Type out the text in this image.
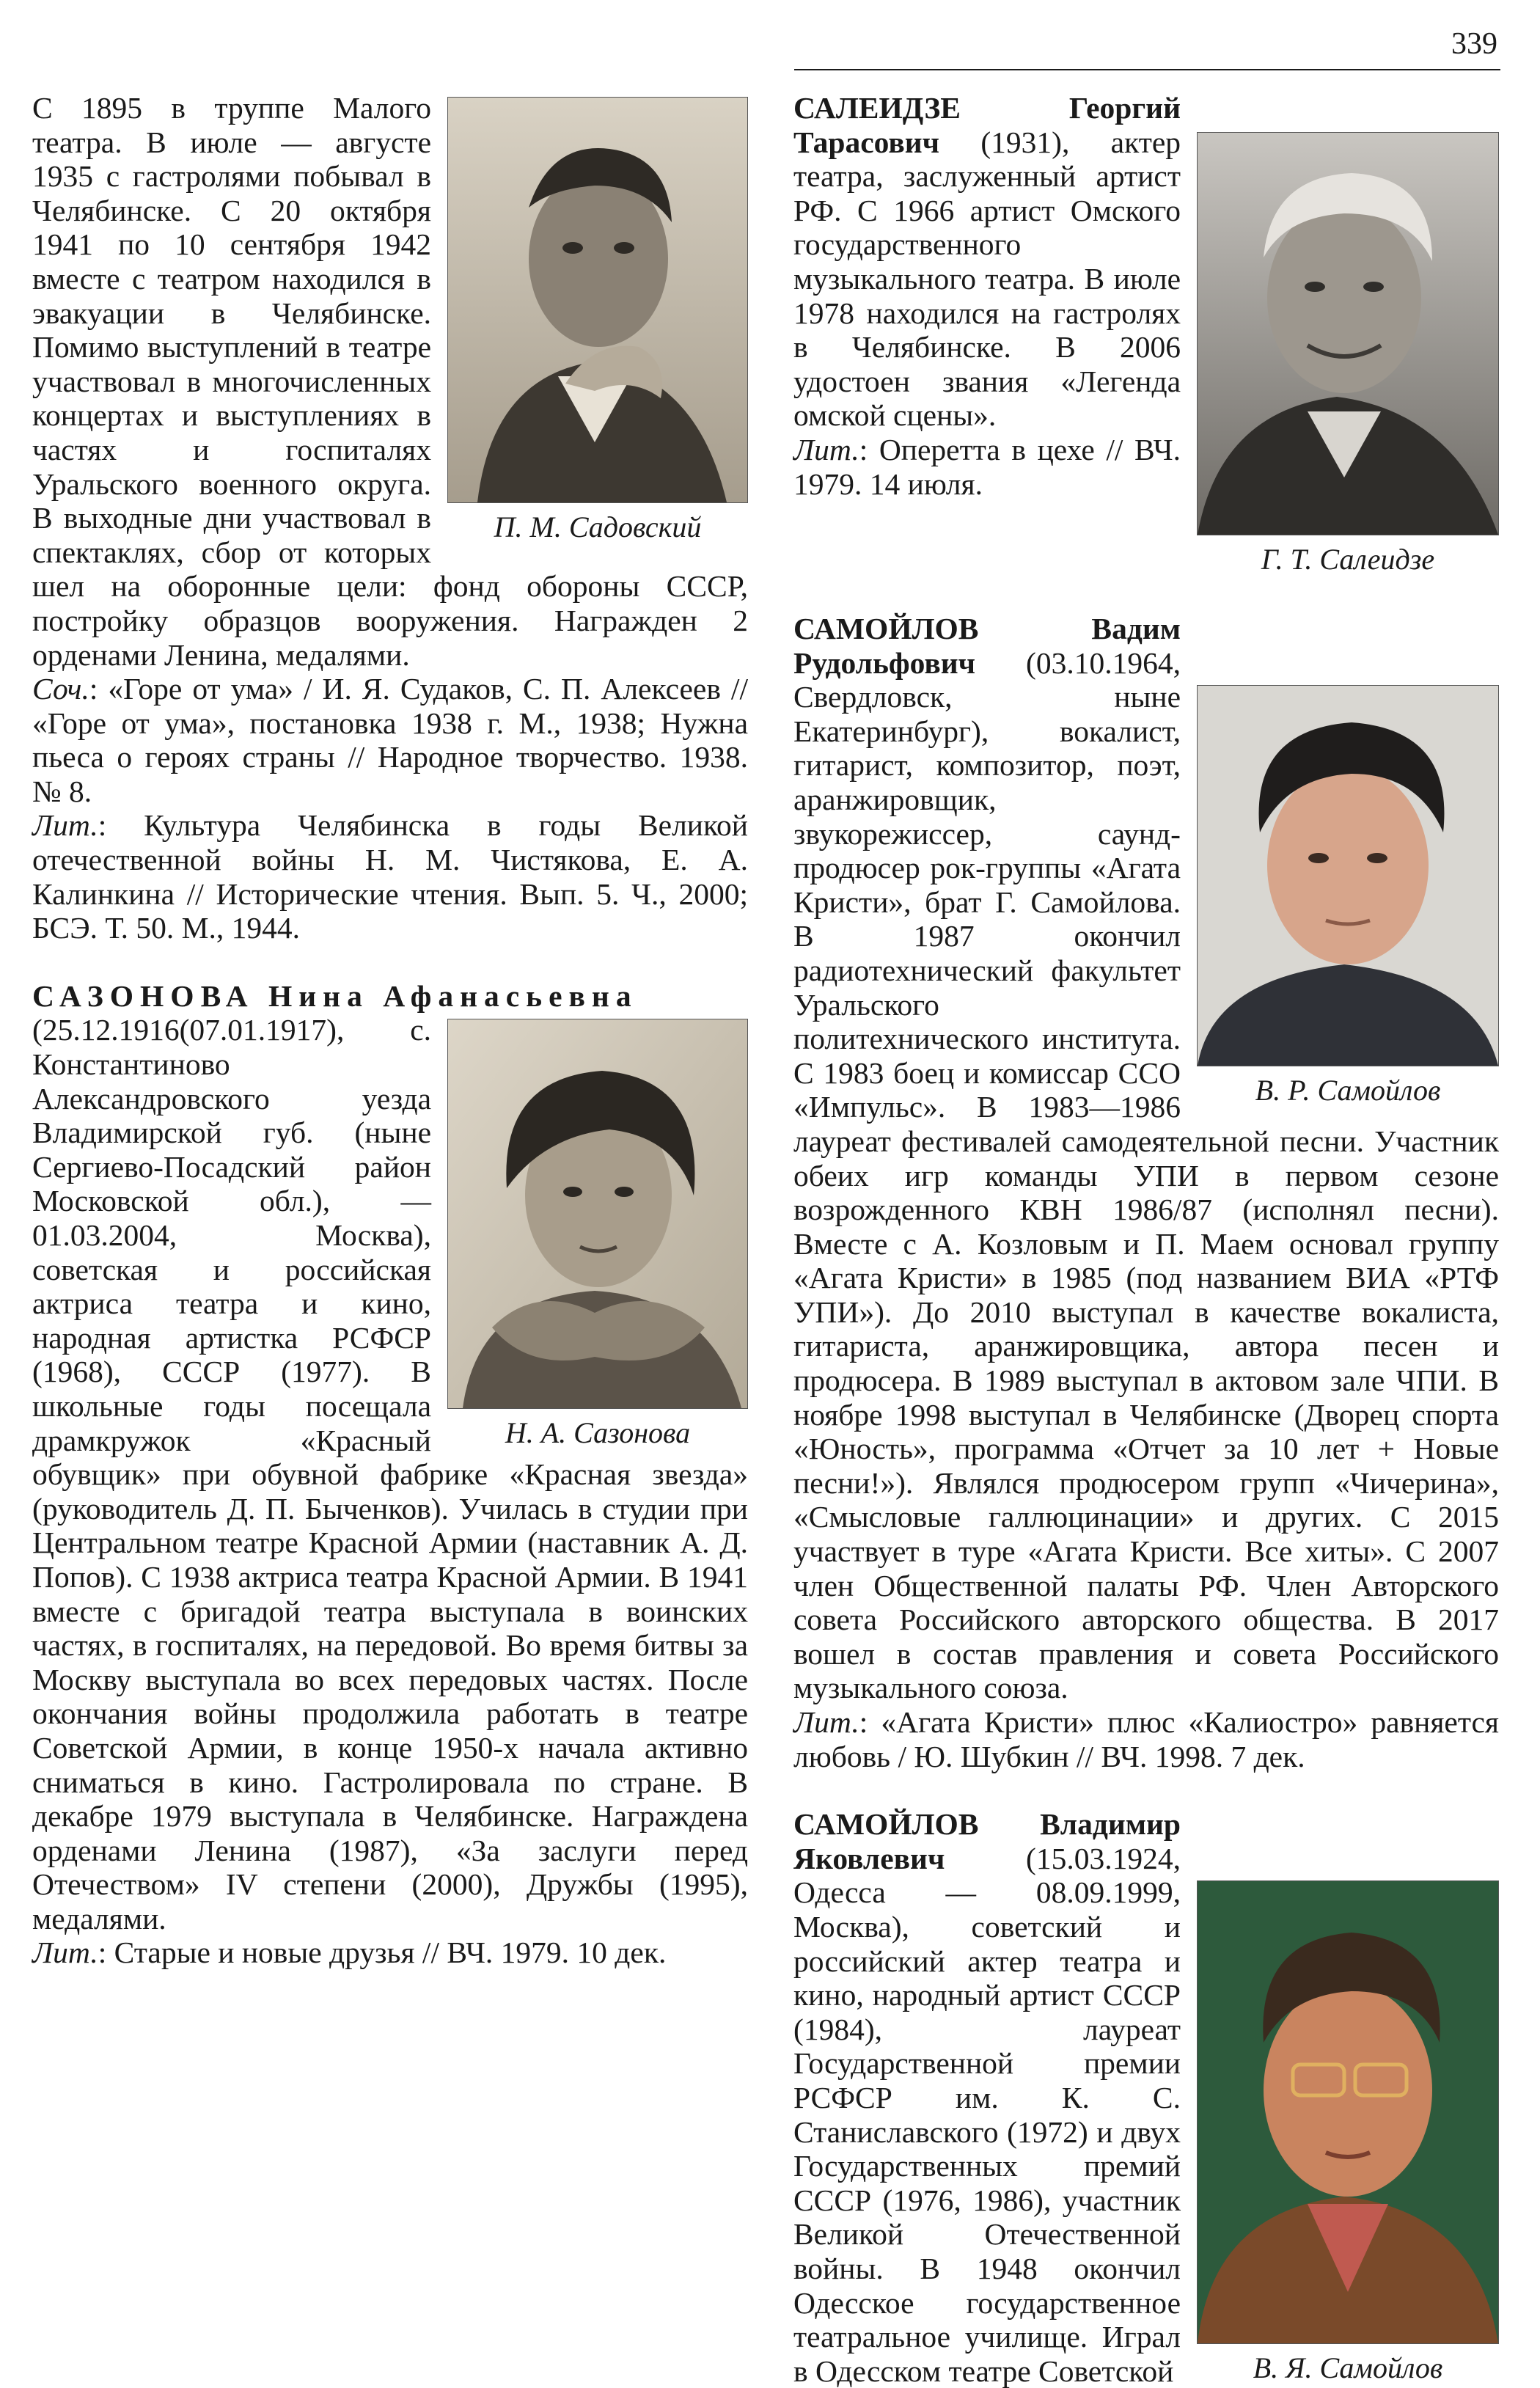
339
П. М. Садовский

С 1895 в труппе Малого театра. В июле — августе 1935 с гастролями побывал в Челябинске. С 20 октября 1941 по 10 сентября 1942 вместе с театром находился в эвакуации в Челябинске. Помимо выступлений в театре участвовал в многочисленных концертах и выступлениях в частях и госпиталях Уральского военного округа. В выходные дни участвовал в спектаклях, сбор от которых шел на оборонные цели: фонд обороны СССР, постройку образцов вооружения. Награжден 2 орденами Ленина, медалями.

Соч.: «Горе от ума» / И. Я. Судаков, С. П. Алексеев // «Горе от ума», постановка 1938 г. М., 1938; Нужна пьеса о героях страны // Народное творчество. 1938. № 8.

Лит.: Культура Челябинска в годы Великой отечественной войны Н. М. Чистякова, Е. А. Калинкина // Исторические чтения. Вып. 5. Ч., 2000; БСЭ. Т. 50. М., 1944.

САЗОНОВА Нина Афанасьевна

Н. А. Сазонова

(25.12.1916(07.01.1917), с. Константиново Александровского уезда Владимирской губ. (ныне Сергиево-Посадский район Московской обл.), — 01.03.2004, Москва), советская и российская актриса театра и кино, народная артистка РСФСР (1968), СССР (1977). В школьные годы посещала драмкружок «Красный обувщик» при обувной фабрике «Красная звезда» (руководитель Д. П. Быченков). Училась в студии при Центральном театре Красной Армии (наставник А. Д. Попов). С 1938 актриса театра Красной Армии. В 1941 вместе с бригадой театра выступала в воинских частях, в госпиталях, на передовой. Во время битвы за Москву выступала во всех передовых частях. После окончания войны продолжила работать в театре Советской Армии, в конце 1950-х начала активно сниматься в кино. Гастролировала по стране. В декабре 1979 выступала в Челябинске. Награждена орденами Ленина (1987), «За заслуги перед Отечеством» IV степени (2000), Дружбы (1995), медалями.

Лит.: Старые и новые друзья // ВЧ. 1979. 10 дек.

Г. Т. Салеидзе

САЛЕИДЗЕ Георгий Тарасович (1931), актер театра, заслуженный артист РФ. С 1966 артист Омского государственного музыкального театра. В июле 1978 находился на гастролях в Челябинске. В 2006 удостоен звания «Легенда омской сцены».

Лит.: Оперетта в цехе // ВЧ. 1979. 14 июля.

В. Р. Самойлов

САМОЙЛОВ Вадим Рудольфович (03.10.1964, Свердловск, ныне Екатеринбург), вокалист, гитарист, композитор, поэт, аранжировщик, звукорежиссер, саунд-продюсер рок-группы «Агата Кристи», брат Г. Самойлова. В 1987 окончил радиотехнический факультет Уральского политехнического института. С 1983 боец и комиссар ССО «Импульс». В 1983—1986 лауреат фестивалей самодеятельной песни. Участник обеих игр команды УПИ в первом сезоне возрожденного КВН 1986/87 (исполнял песни). Вместе с А. Козловым и П. Маем основал группу «Агата Кристи» в 1985 (под названием ВИА «РТФ УПИ»). До 2010 выступал в качестве вокалиста, гитариста, аранжировщика, автора песен и продюсера. В 1989 выступал в актовом зале ЧПИ. В ноябре 1998 выступал в Челябинске (Дворец спорта «Юность», программа «Отчет за 10 лет + Новые песни!»). Являлся продюсером групп «Чичерина», «Смысловые галлюцинации» и других. С 2015 участвует в туре «Агата Кристи. Все хиты». С 2007 член Общественной палаты РФ. Член Авторского совета Российского авторского общества. В 2017 вошел в состав правления и совета Российского музыкального союза.

Лит.: «Агата Кристи» плюс «Калиостро» равняется любовь / Ю. Шубкин // ВЧ. 1998. 7 дек.

В. Я. Самойлов

САМОЙЛОВ Владимир Яковлевич (15.03.1924, Одесса — 08.09.1999, Москва), советский и российский актер театра и кино, народный артист СССР (1984), лауреат Государственной премии РСФСР им. К. С. Станиславского (1972) и двух Государственных премий СССР (1976, 1986), участник Великой Отечественной войны. В 1948 окончил Одесское государственное театральное училище. Играл в Одесском театре Советской
